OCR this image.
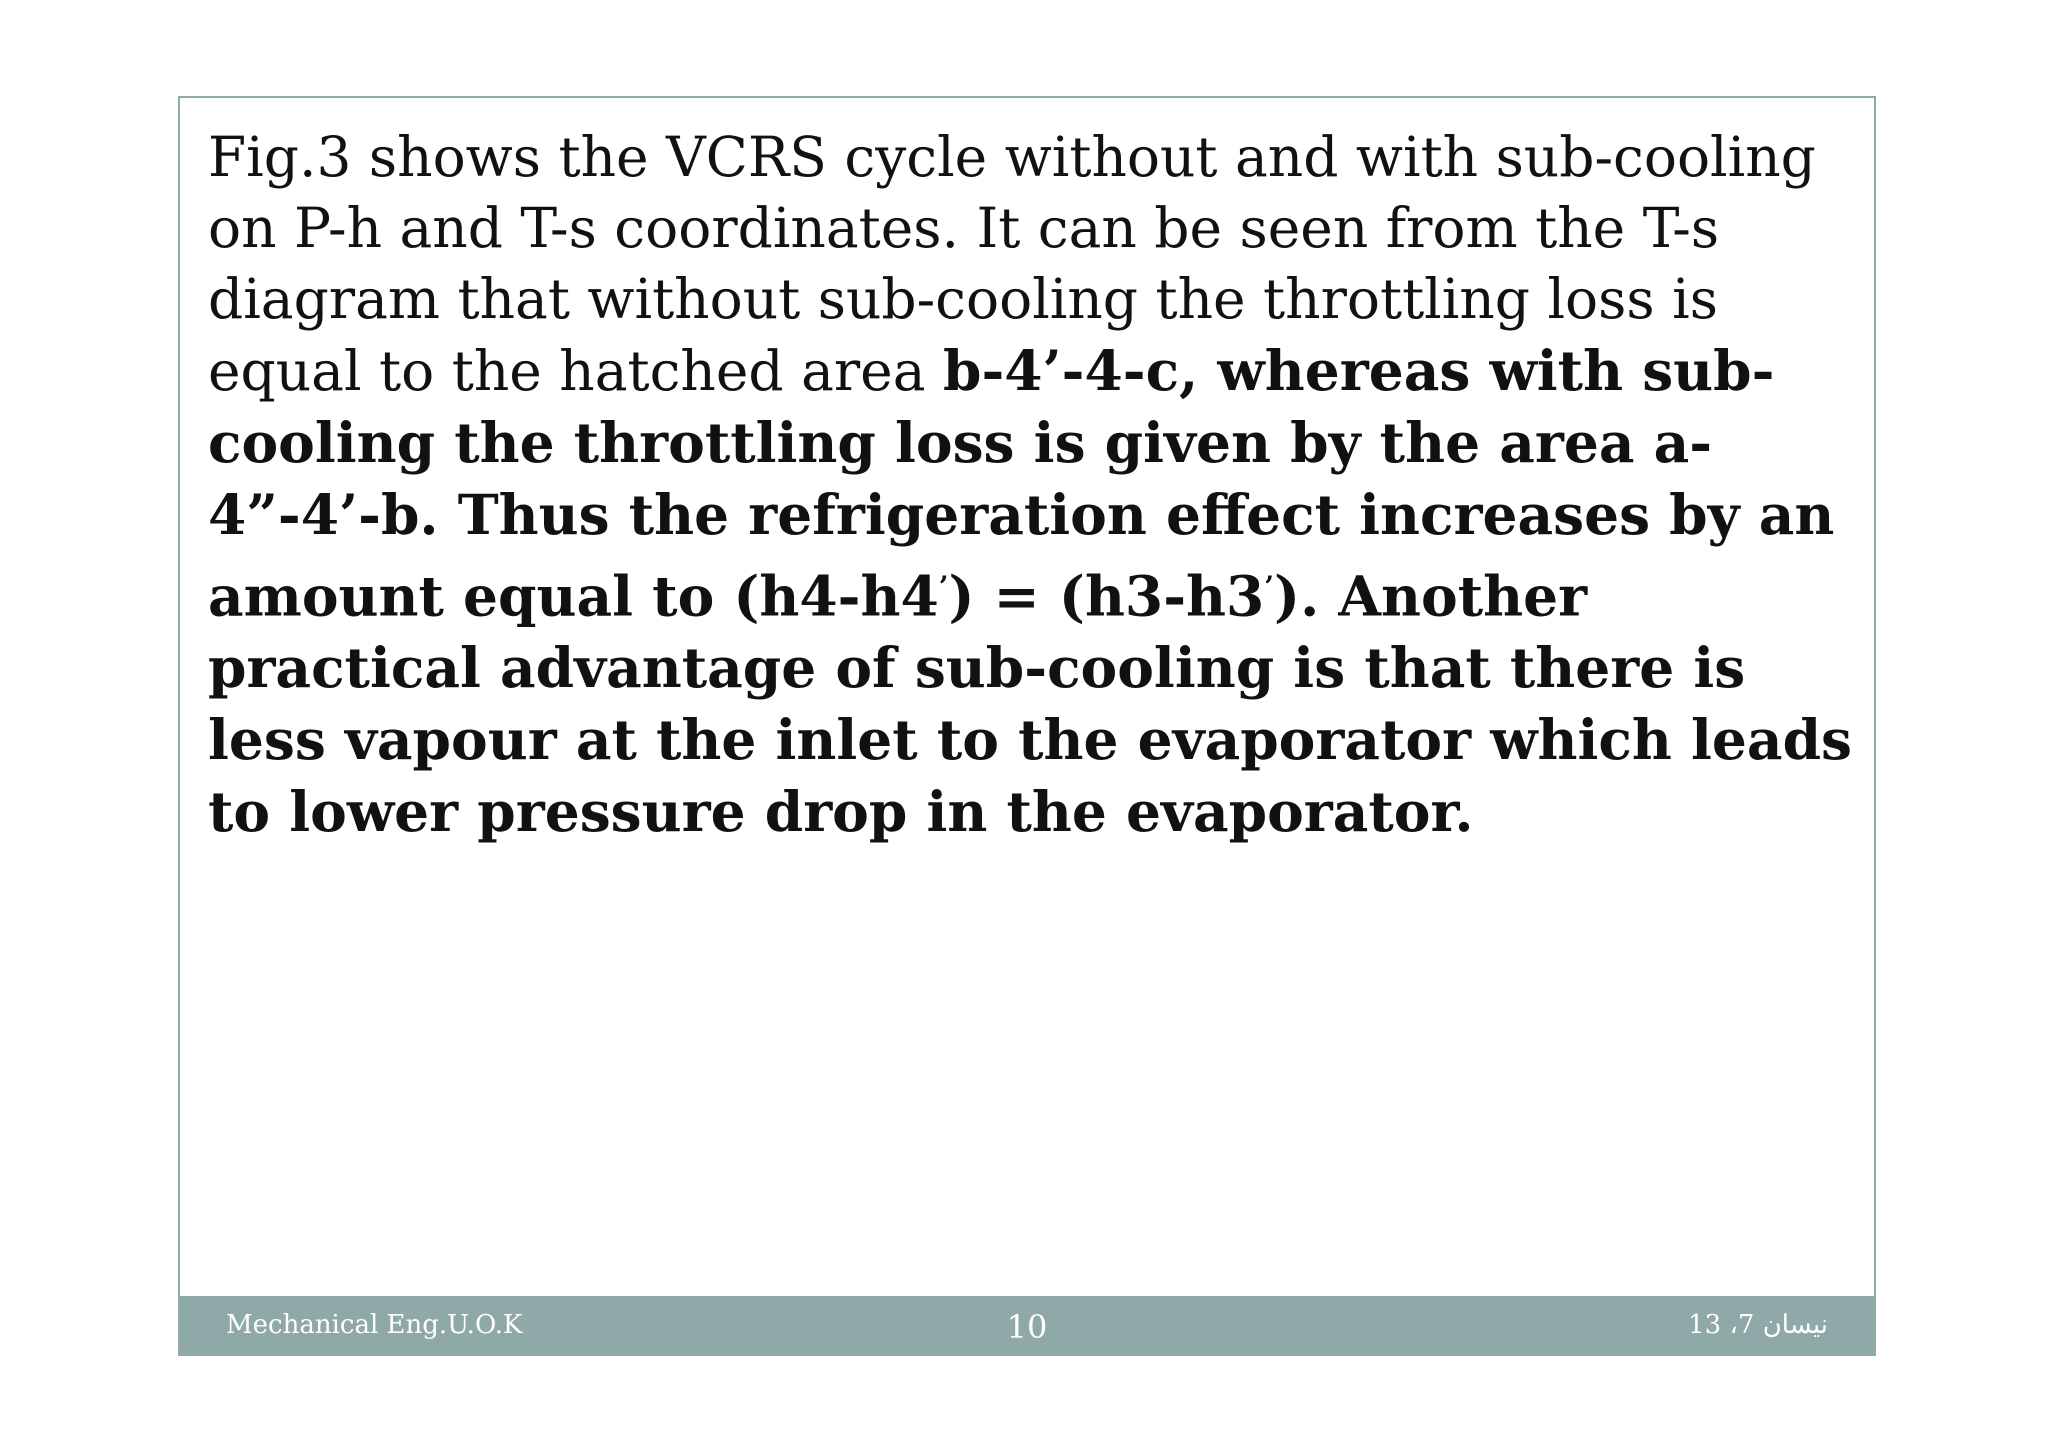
Fig.3 shows the VCRS cycle without and with sub-cooling on P-h and T-s coordinates. It can be seen from the T-s diagram that without sub-cooling the throttling loss is equal to the hatched area b-4’-4-c, whereas with sub-cooling the throttling loss is given by the area a-4”-4’-b. Thus the refrigeration effect increases by an amount equal to (h4-h4’) = (h3-h3’). Another practical advantage of sub-cooling is that there is less vapour at the inlet to the evaporator which leads to lower pressure drop in the evaporator.
Mechanical Eng.U.O.K	10	نيسان 7، 13
